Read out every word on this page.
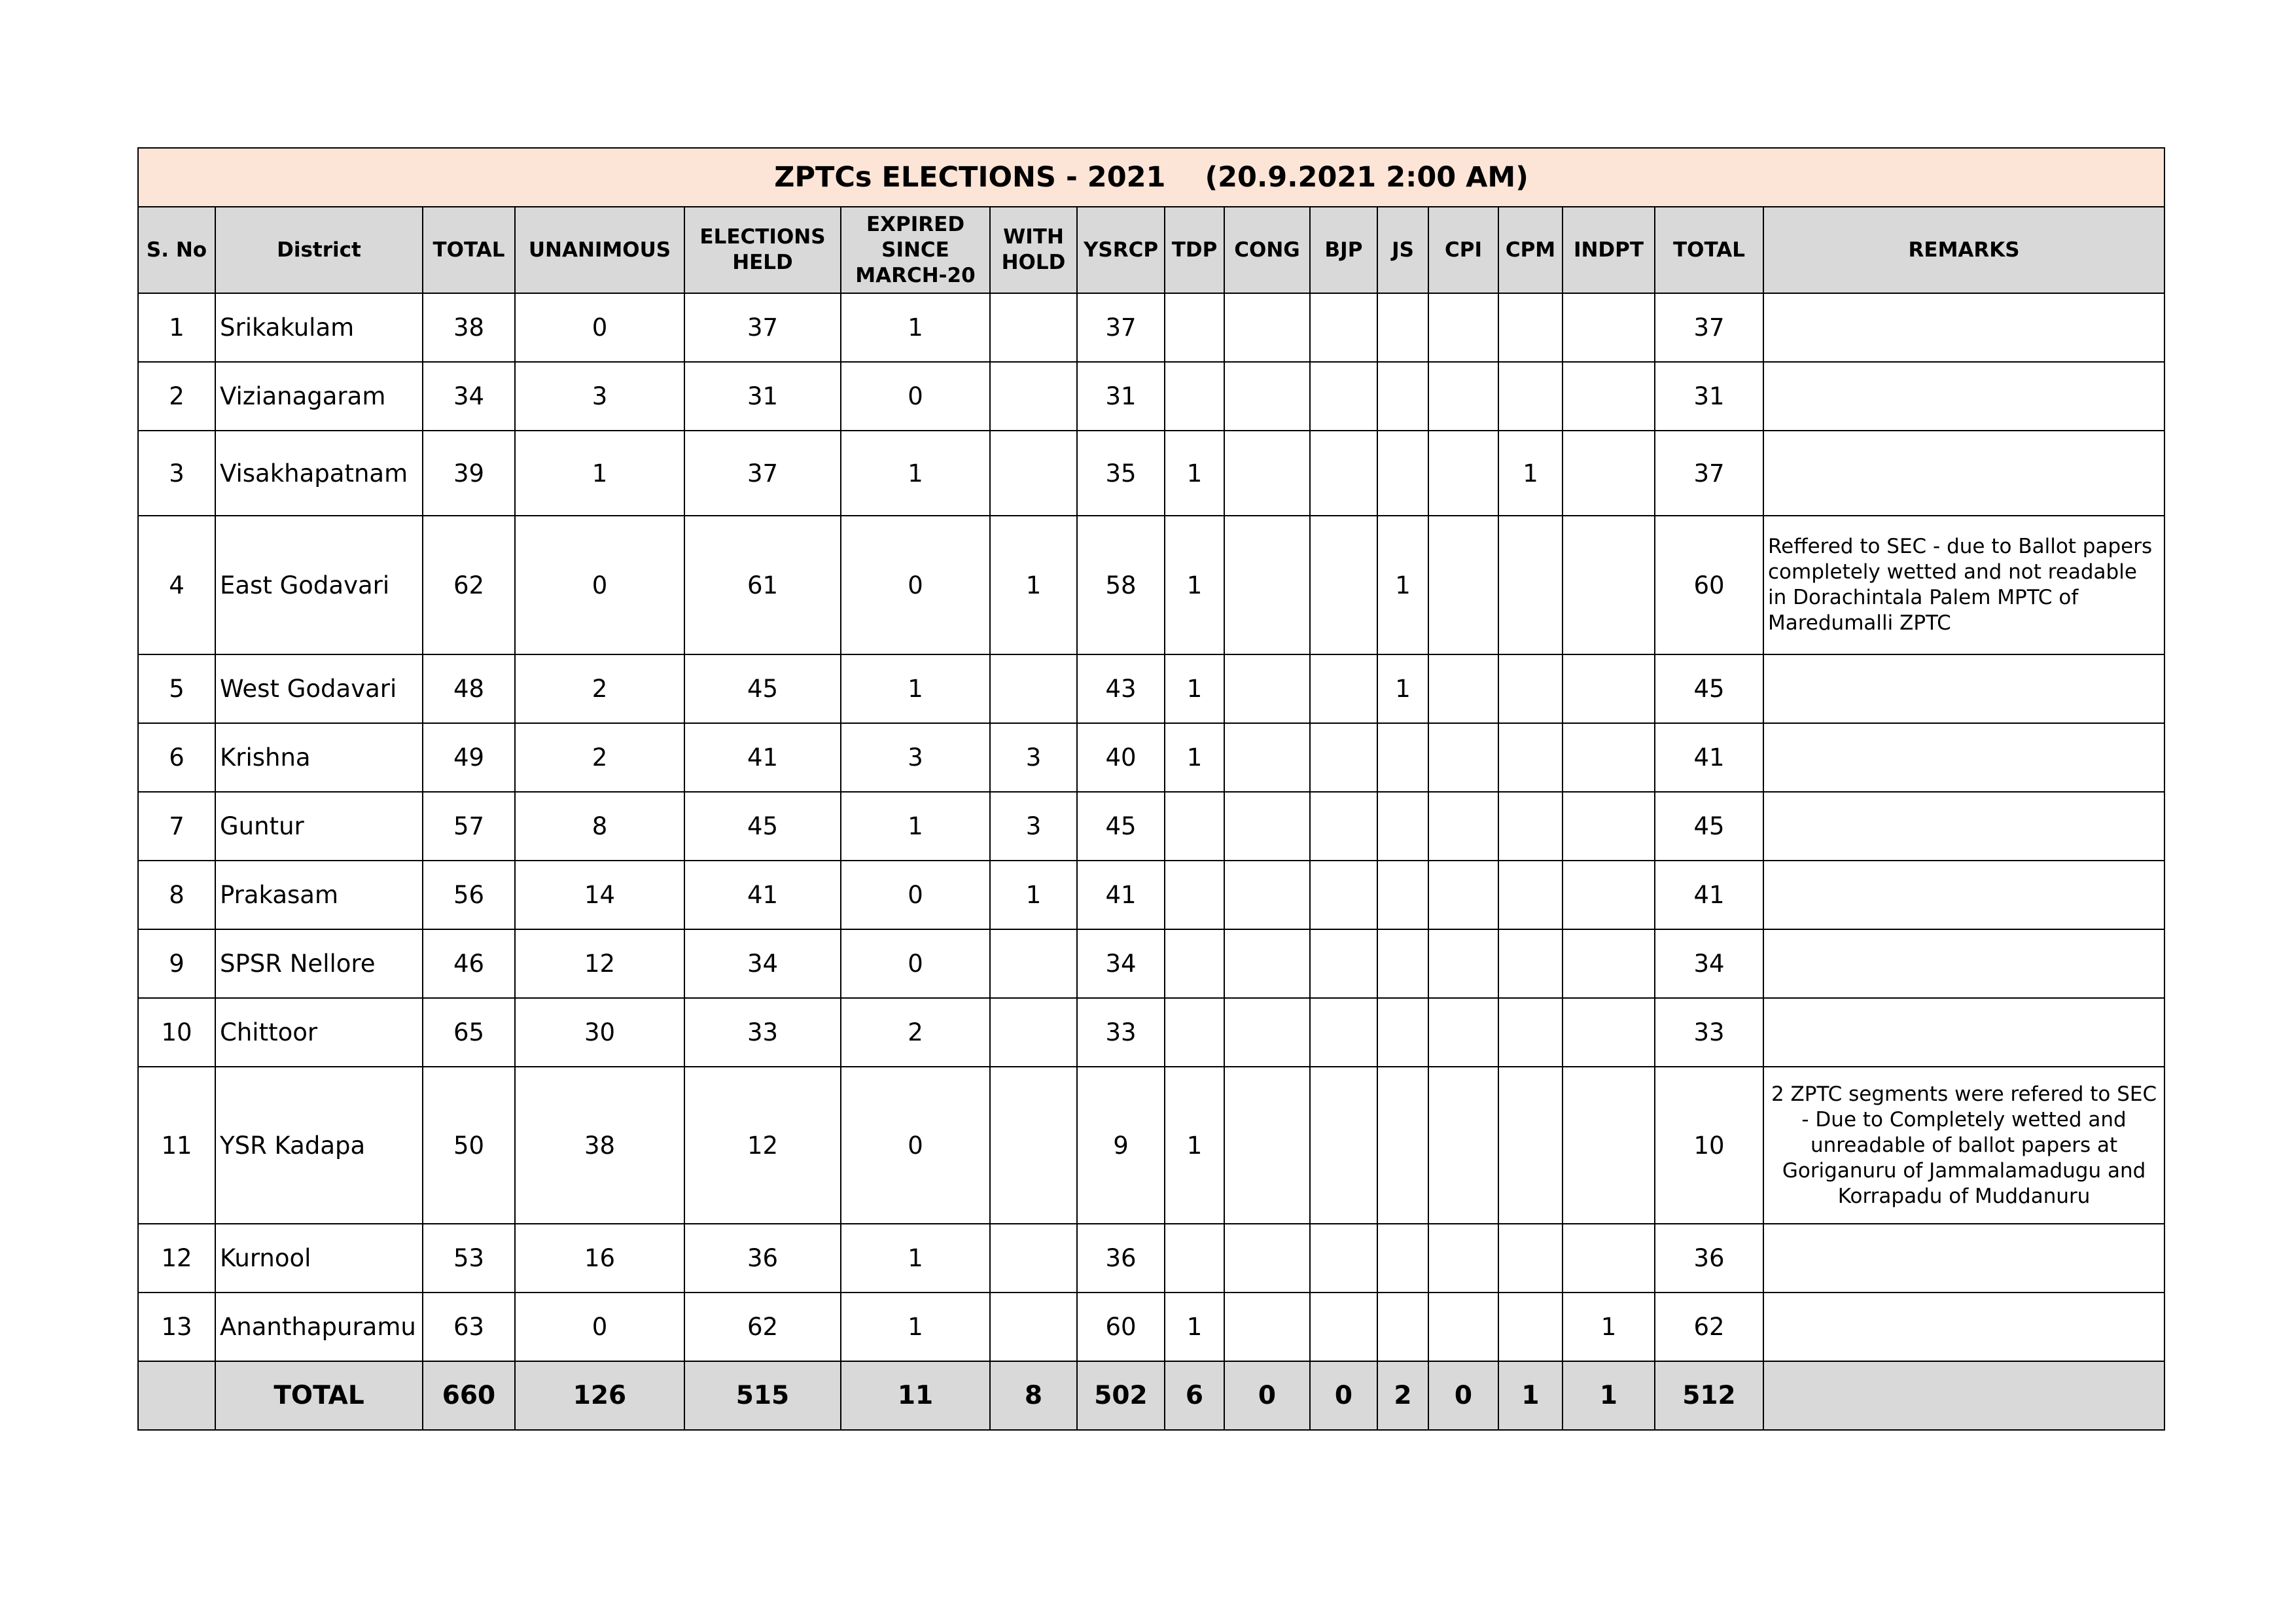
ZPTCs ELECTIONS - 2021 (20.9.2021 2:00 AM)																
S. No	District	TOTAL	UNANIMOUS	ELECTIONS HELD	EXPIRED SINCE MARCH-20	WITH HOLD	YSRCP	TDP	CONG	BJP	JS	CPI	CPM	INDPT	TOTAL	REMARKS
1	Srikakulam	38	0	37	1		37								37	
2	Vizianagaram	34	3	31	0		31								31	
3	Visakhapatnam	39	1	37	1		35	1					1		37	
4	East Godavari	62	0	61	0	1	58	1			1				60	Reffered to SEC - due to Ballot papers completely wetted and not readable in Dorachintala Palem MPTC of Maredumalli ZPTC
5	West Godavari	48	2	45	1		43	1			1				45	
6	Krishna	49	2	41	3	3	40	1							41	
7	Guntur	57	8	45	1	3	45								45	
8	Prakasam	56	14	41	0	1	41								41	
9	SPSR Nellore	46	12	34	0		34								34	
10	Chittoor	65	30	33	2		33								33	
11	YSR Kadapa	50	38	12	0		9	1							10	2 ZPTC segments were refered to SEC - Due to Completely wetted and unreadable of ballot papers at Goriganuru of Jammalamadugu and Korrapadu of Muddanuru
12	Kurnool	53	16	36	1		36								36	
13	Ananthapuramu	63	0	62	1		60	1						1	62	
	TOTAL	660	126	515	11	8	502	6	0	0	2	0	1	1	512	
